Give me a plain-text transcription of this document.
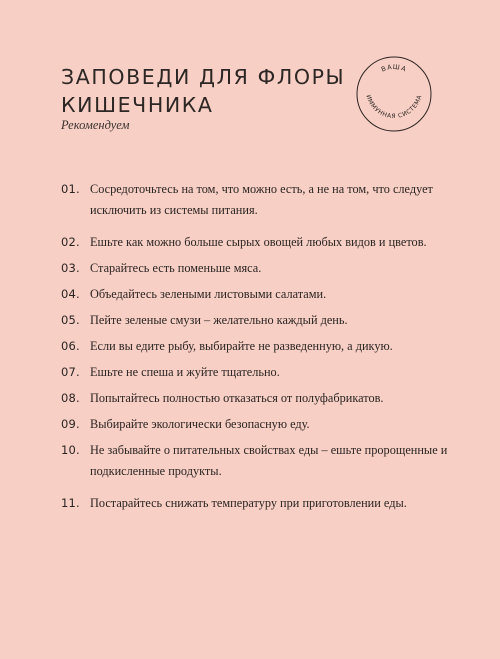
ЗАПОВЕДИ ДЛЯ ФЛОРЫ
КИШЕЧНИКА
Рекомендуем
ВАША
ИММУННАЯ СИСТЕМА
01. Сосредоточьтесь на том, что можно есть, а не на том, что следует исключить из системы питания.
02. Ешьте как можно больше сырых овощей любых видов и цветов.
03. Старайтесь есть поменьше мяса.
04. Объедайтесь зелеными листовыми салатами.
05. Пейте зеленые смузи – желательно каждый день.
06. Если вы едите рыбу, выбирайте не разведенную, а дикую.
07. Ешьте не спеша и жуйте тщательно.
08. Попытайтесь полностью отказаться от полуфабрикатов.
09. Выбирайте экологически безопасную еду.
10. Не забывайте о питательных свойствах еды – ешьте пророщенные и подкисленные продукты.
11. Постарайтесь снижать температуру при приготовлении еды.
